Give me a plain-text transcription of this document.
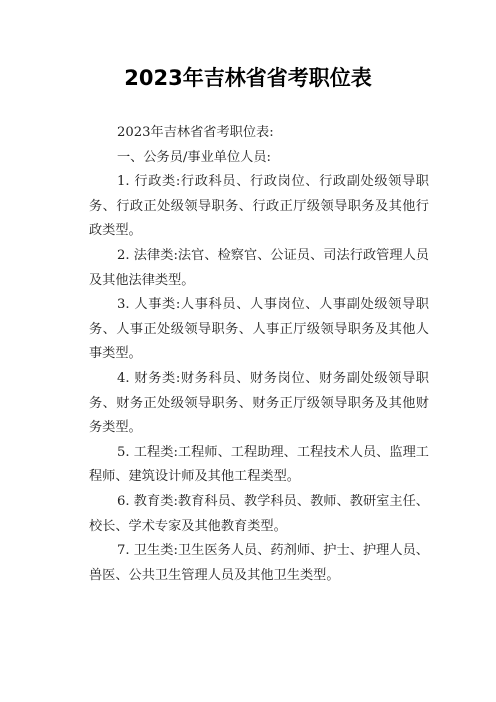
2023年吉林省省考职位表

2023年吉林省省考职位表:

一、公务员/事业单位人员:

1. 行政类:行政科员、行政岗位、行政副处级领导职务、行政正处级领导职务、行政正厅级领导职务及其他行政类型。

2. 法律类:法官、检察官、公证员、司法行政管理人员及其他法律类型。

3. 人事类:人事科员、人事岗位、人事副处级领导职务、人事正处级领导职务、人事正厅级领导职务及其他人事类型。

4. 财务类:财务科员、财务岗位、财务副处级领导职务、财务正处级领导职务、财务正厅级领导职务及其他财务类型。

5. 工程类:工程师、工程助理、工程技术人员、监理工程师、建筑设计师及其他工程类型。

6. 教育类:教育科员、教学科员、教师、教研室主任、校长、学术专家及其他教育类型。

7. 卫生类:卫生医务人员、药剂师、护士、护理人员、兽医、公共卫生管理人员及其他卫生类型。
